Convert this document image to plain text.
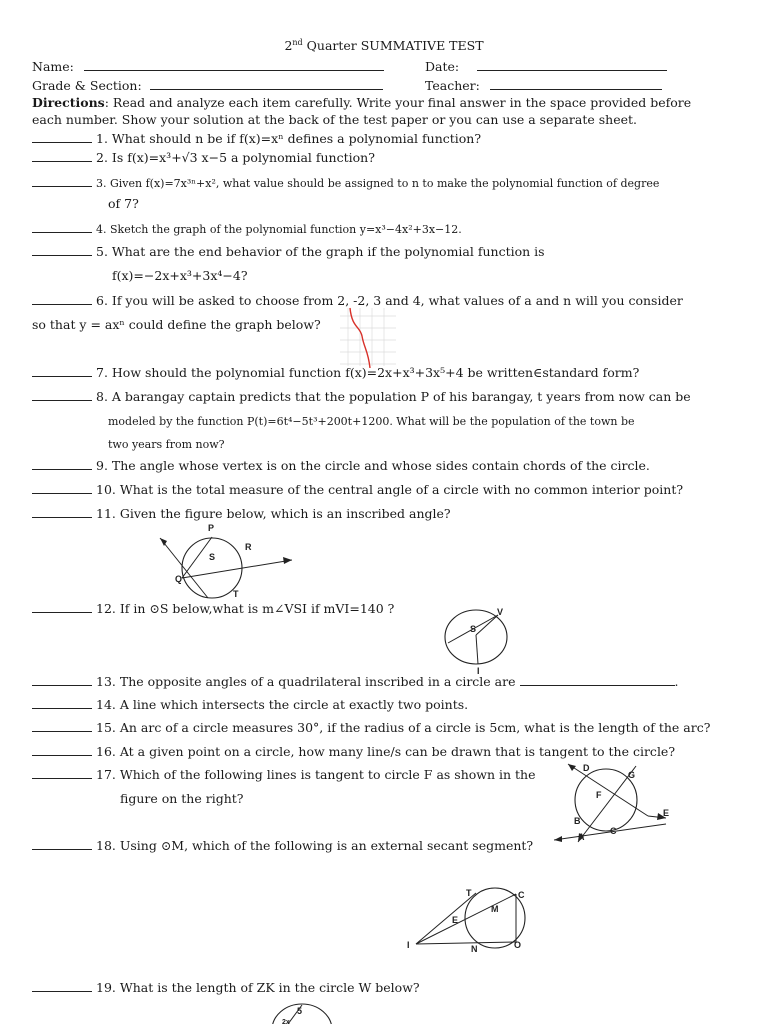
2nd Quarter SUMMATIVE TEST
Name:	Date:
Grade & Section:	Teacher:
Directions: Read and analyze each item carefully. Write your final answer in the space provided before
each number. Show your solution at the back of the test paper or you can use a separate sheet.
1. What should n be if f(x)=xⁿ defines a polynomial function?
2. Is f(x)=x³+√3 x−5 a polynomial function?
3. Given f(x)=7x³ⁿ+x², what value should be assigned to n to make the polynomial function of degree
of 7?
4. Sketch the graph of the polynomial function y=x³−4x²+3x−12.
5. What are the end behavior of the graph if the polynomial function is
f(x)=−2x+x³+3x⁴−4?
6. If you will be asked to choose from 2, -2, 3 and 4, what values of a and n will you consider
so that y = axⁿ could define the graph below?
7. How should the polynomial function f(x)=2x+x³+3x⁵+4 be written∈standard form?
8. A barangay captain predicts that the population P of his barangay, t years from now can be
modeled by the function P(t)=6t⁴−5t³+200t+1200. What will be the population of the town be
two years from now?
9. The angle whose vertex is on the circle and whose sides contain chords of the circle.
10. What is the total measure of the central angle of a circle with no common interior point?
11. Given the figure below, which is an inscribed angle?
P
S
R
Q
T
12. If in ⊙S below,what is m∠VSI if mVI=140 ?	V
S
I
13. The opposite angles of a quadrilateral inscribed in a circle are	.
14. A line which intersects the circle at exactly two points.
15. An arc of a circle measures 30°, if the radius of a circle is 5cm, what is the length of the arc?
16. At a given point on a circle, how many line/s can be drawn that is tangent to the circle?
17. Which of the following lines is tangent to circle F as shown in the
figure on the right?
D
G
F
E
B
A
C
18. Using ⊙M, which of the following is an external secant segment?
T	C
E
M
I	N	O
19. What is the length of ZK in the circle W below?
5
2x
